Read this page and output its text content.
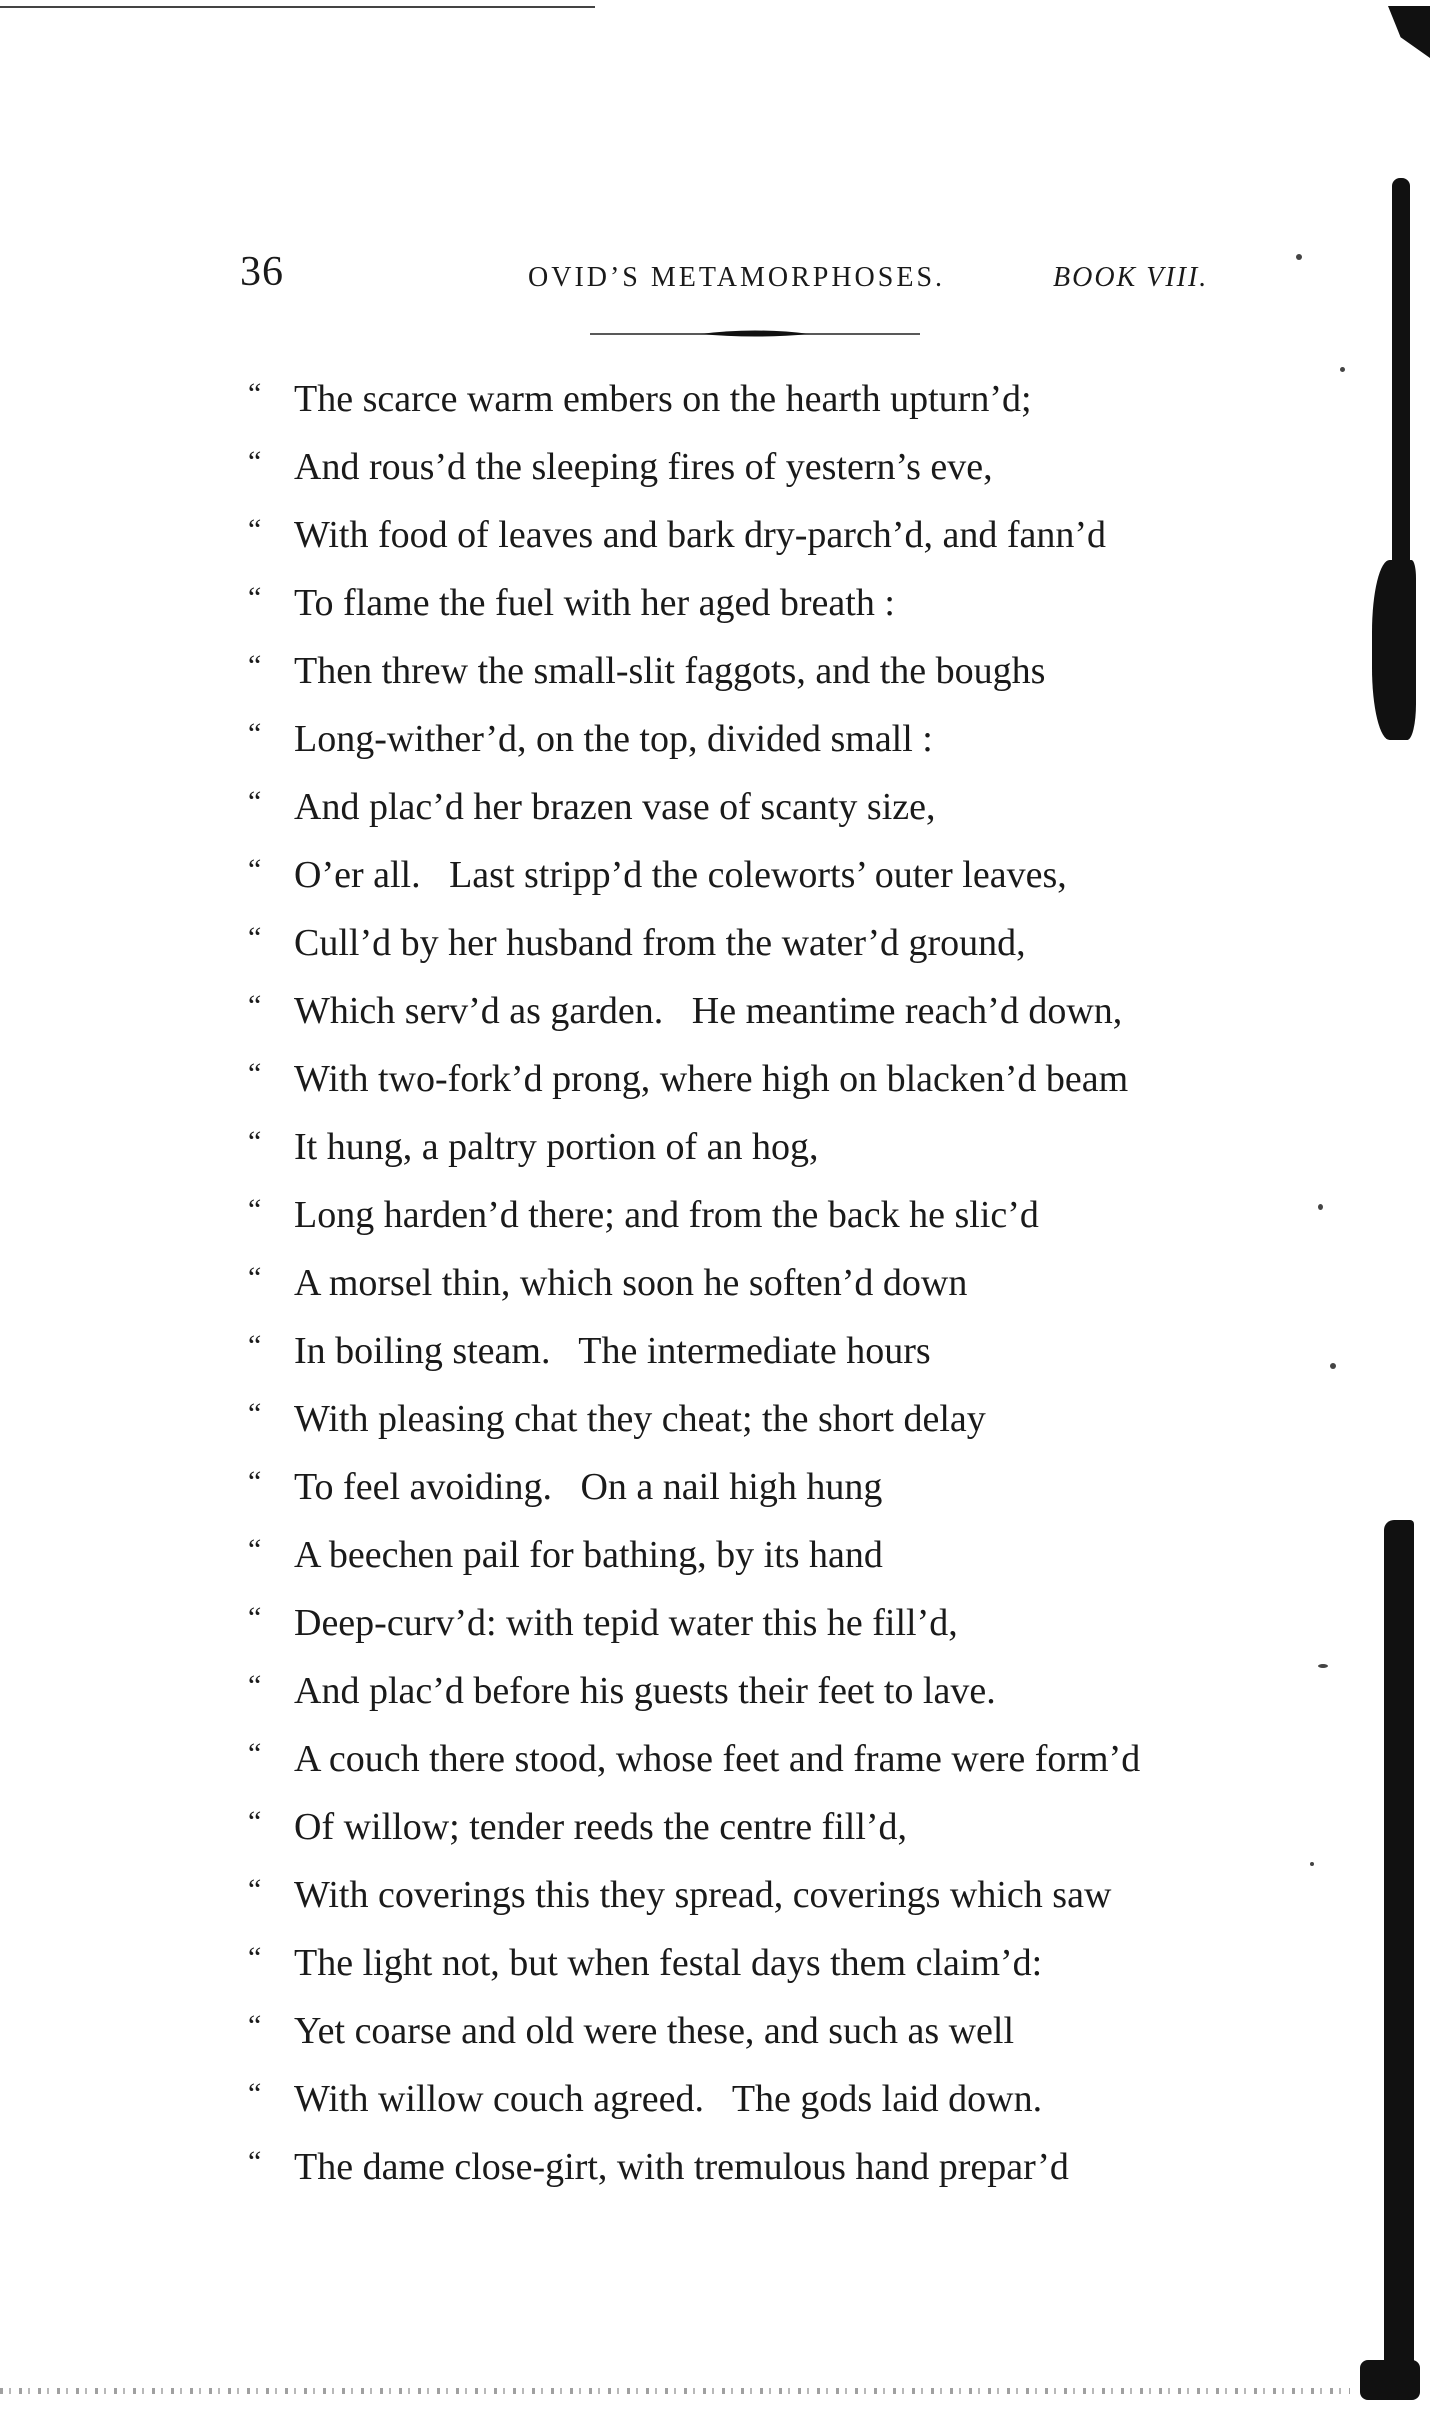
36	OVID’S METAMORPHOSES.	BOOK VIII.
“ The scarce warm embers on the hearth upturn’d;
“ And rous’d the sleeping fires of yestern’s eve,
“ With food of leaves and bark dry-parch’d, and fann’d
“ To flame the fuel with her aged breath :
“ Then threw the small-slit faggots, and the boughs
“ Long-wither’d, on the top, divided small :
“ And plac’d her brazen vase of scanty size,
“ O’er all.   Last stripp’d the coleworts’ outer leaves,
“ Cull’d by her husband from the water’d ground,
“ Which serv’d as garden.   He meantime reach’d down,
“ With two-fork’d prong, where high on blacken’d beam
“ It hung, a paltry portion of an hog,
“ Long harden’d there; and from the back he slic’d
“ A morsel thin, which soon he soften’d down
“ In boiling steam.   The intermediate hours
“ With pleasing chat they cheat; the short delay
“ To feel avoiding.   On a nail high hung
“ A beechen pail for bathing, by its hand
“ Deep-curv’d: with tepid water this he fill’d,
“ And plac’d before his guests their feet to lave.
“ A couch there stood, whose feet and frame were form’d
“ Of willow; tender reeds the centre fill’d,
“ With coverings this they spread, coverings which saw
“ The light not, but when festal days them claim’d:
“ Yet coarse and old were these, and such as well
“ With willow couch agreed.   The gods laid down.
“ The dame close-girt, with tremulous hand prepar’d
